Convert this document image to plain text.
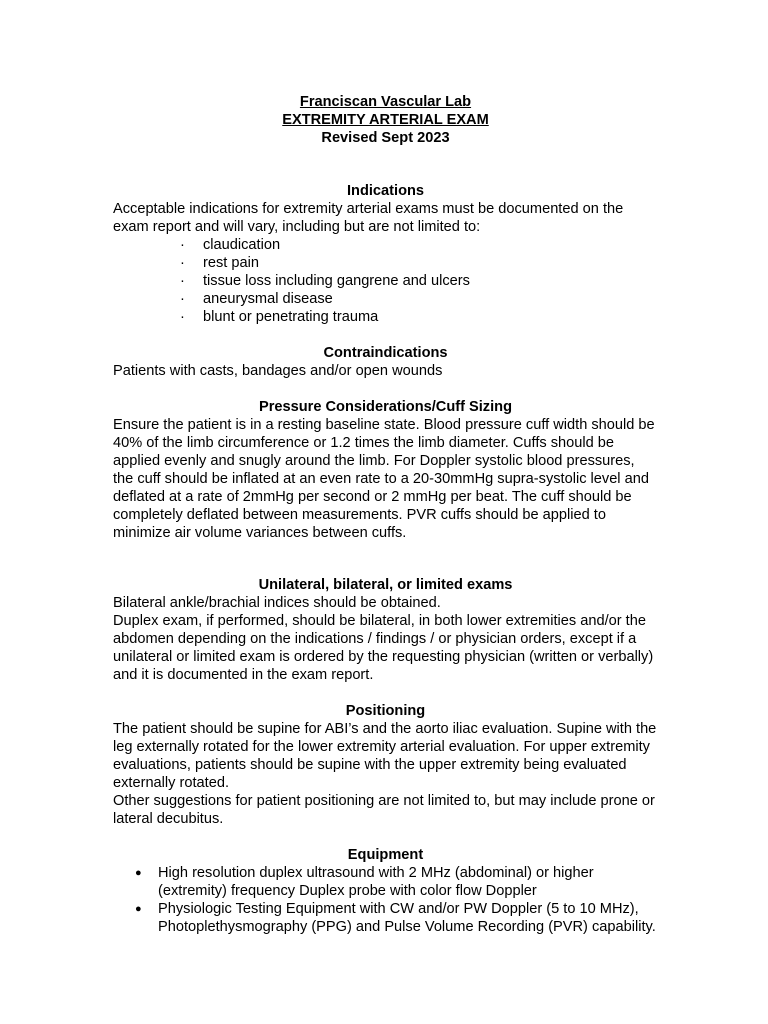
Franciscan Vascular Lab

EXTREMITY ARTERIAL EXAM

Revised Sept 2023

Indications

Acceptable indications for extremity arterial exams must be documented on the exam report and will vary, including but are not limited to:

· claudication
· rest pain
· tissue loss including gangrene and ulcers
· aneurysmal disease
· blunt or penetrating trauma

Contraindications

Patients with casts, bandages and/or open wounds

Pressure Considerations/Cuff Sizing

Ensure the patient is in a resting baseline state. Blood pressure cuff width should be 40% of the limb circumference or 1.2 times the limb diameter. Cuffs should be applied evenly and snugly around the limb. For Doppler systolic blood pressures, the cuff should be inflated at an even rate to a 20-30mmHg supra-systolic level and deflated at a rate of 2mmHg per second or 2 mmHg per beat. The cuff should be completely deflated between measurements. PVR cuffs should be applied to minimize air volume variances between cuffs.

Unilateral, bilateral, or limited exams

Bilateral ankle/brachial indices should be obtained.

Duplex exam, if performed, should be bilateral, in both lower extremities and/or the abdomen depending on the indications / findings / or physician orders, except if a unilateral or limited exam is ordered by the requesting physician (written or verbally) and it is documented in the exam report.

Positioning

The patient should be supine for ABI’s and the aorto iliac evaluation. Supine with the leg externally rotated for the lower extremity arterial evaluation. For upper extremity evaluations, patients should be supine with the upper extremity being evaluated externally rotated.

Other suggestions for patient positioning are not limited to, but may include prone or lateral decubitus.

Equipment

● High resolution duplex ultrasound with 2 MHz (abdominal) or higher (extremity) frequency Duplex probe with color flow Doppler
● Physiologic Testing Equipment with CW and/or PW Doppler (5 to 10 MHz), Photoplethysmography (PPG) and Pulse Volume Recording (PVR) capability.
